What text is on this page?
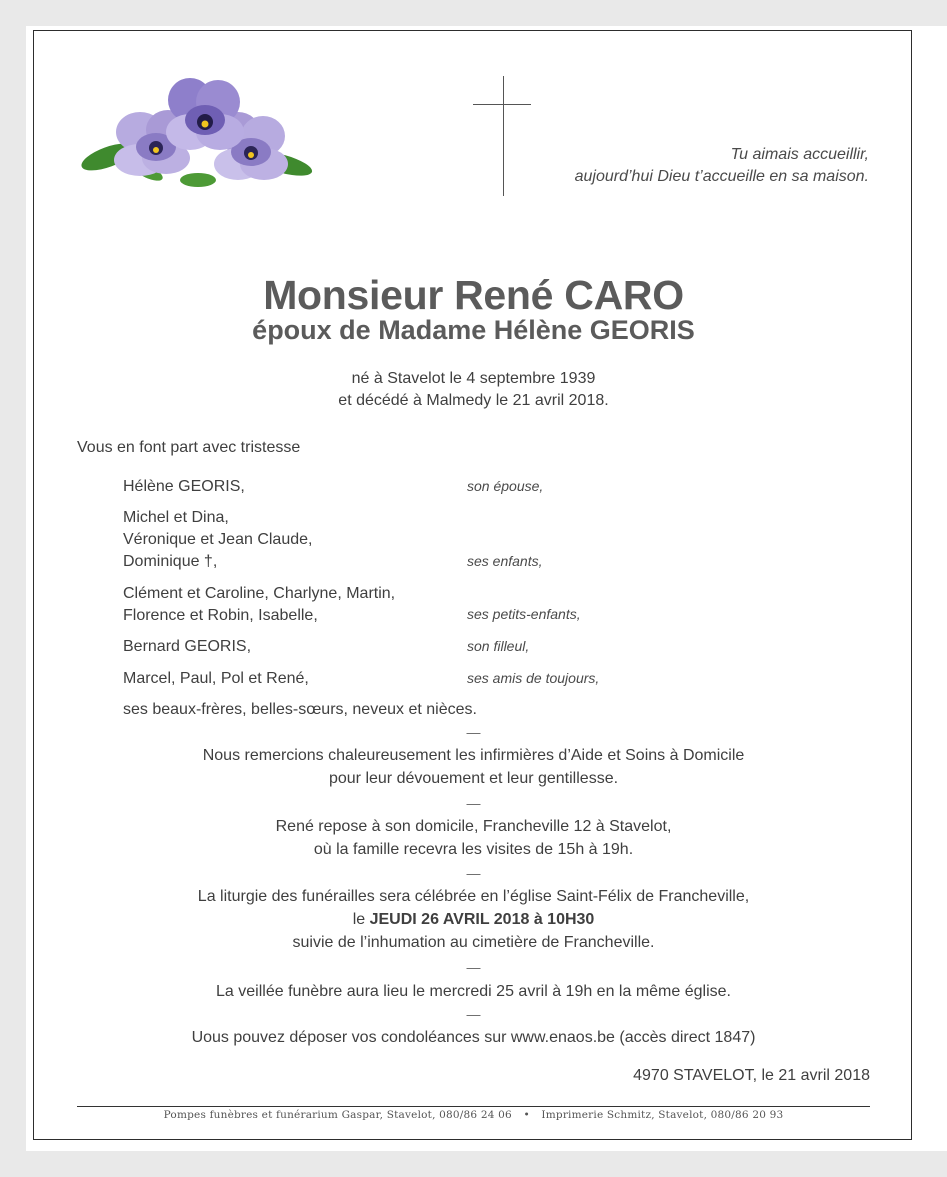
Tu aimais accueillir,
aujourd’hui Dieu t’accueille en sa maison.
Monsieur René CARO
époux de Madame Hélène GEORIS
né à Stavelot le 4 septembre 1939
et décédé à Malmedy le 21 avril 2018.
Vous en font part avec tristesse
Hélène GEORIS,	son épouse,
Michel et Dina,
Véronique et Jean Claude,
Dominique †,	ses enfants,
Clément et Caroline, Charlyne, Martin,
Florence et Robin, Isabelle,	ses petits-enfants,
Bernard GEORIS,	son filleul,
Marcel, Paul, Pol et René,	ses amis de toujours,
ses beaux-frères, belles-sœurs, neveux et nièces.
—
Nous remercions chaleureusement les infirmières d’Aide et Soins à Domicile
pour leur dévouement et leur gentillesse.
—
René repose à son domicile, Francheville 12 à Stavelot,
où la famille recevra les visites de 15h à 19h.
—
La liturgie des funérailles sera célébrée en l’église Saint-Félix de Francheville,
le JEUDI 26 AVRIL 2018 à 10H30
suivie de l’inhumation au cimetière de Francheville.
—
La veillée funèbre aura lieu le mercredi 25 avril à 19h en la même église.
—
Uous pouvez déposer vos condoléances sur www.enaos.be (accès direct 1847)
4970 STAVELOT, le 21 avril 2018
Pompes funèbres et funérarium Gaspar, Stavelot, 080/86 24 06 • Imprimerie Schmitz, Stavelot, 080/86 20 93
